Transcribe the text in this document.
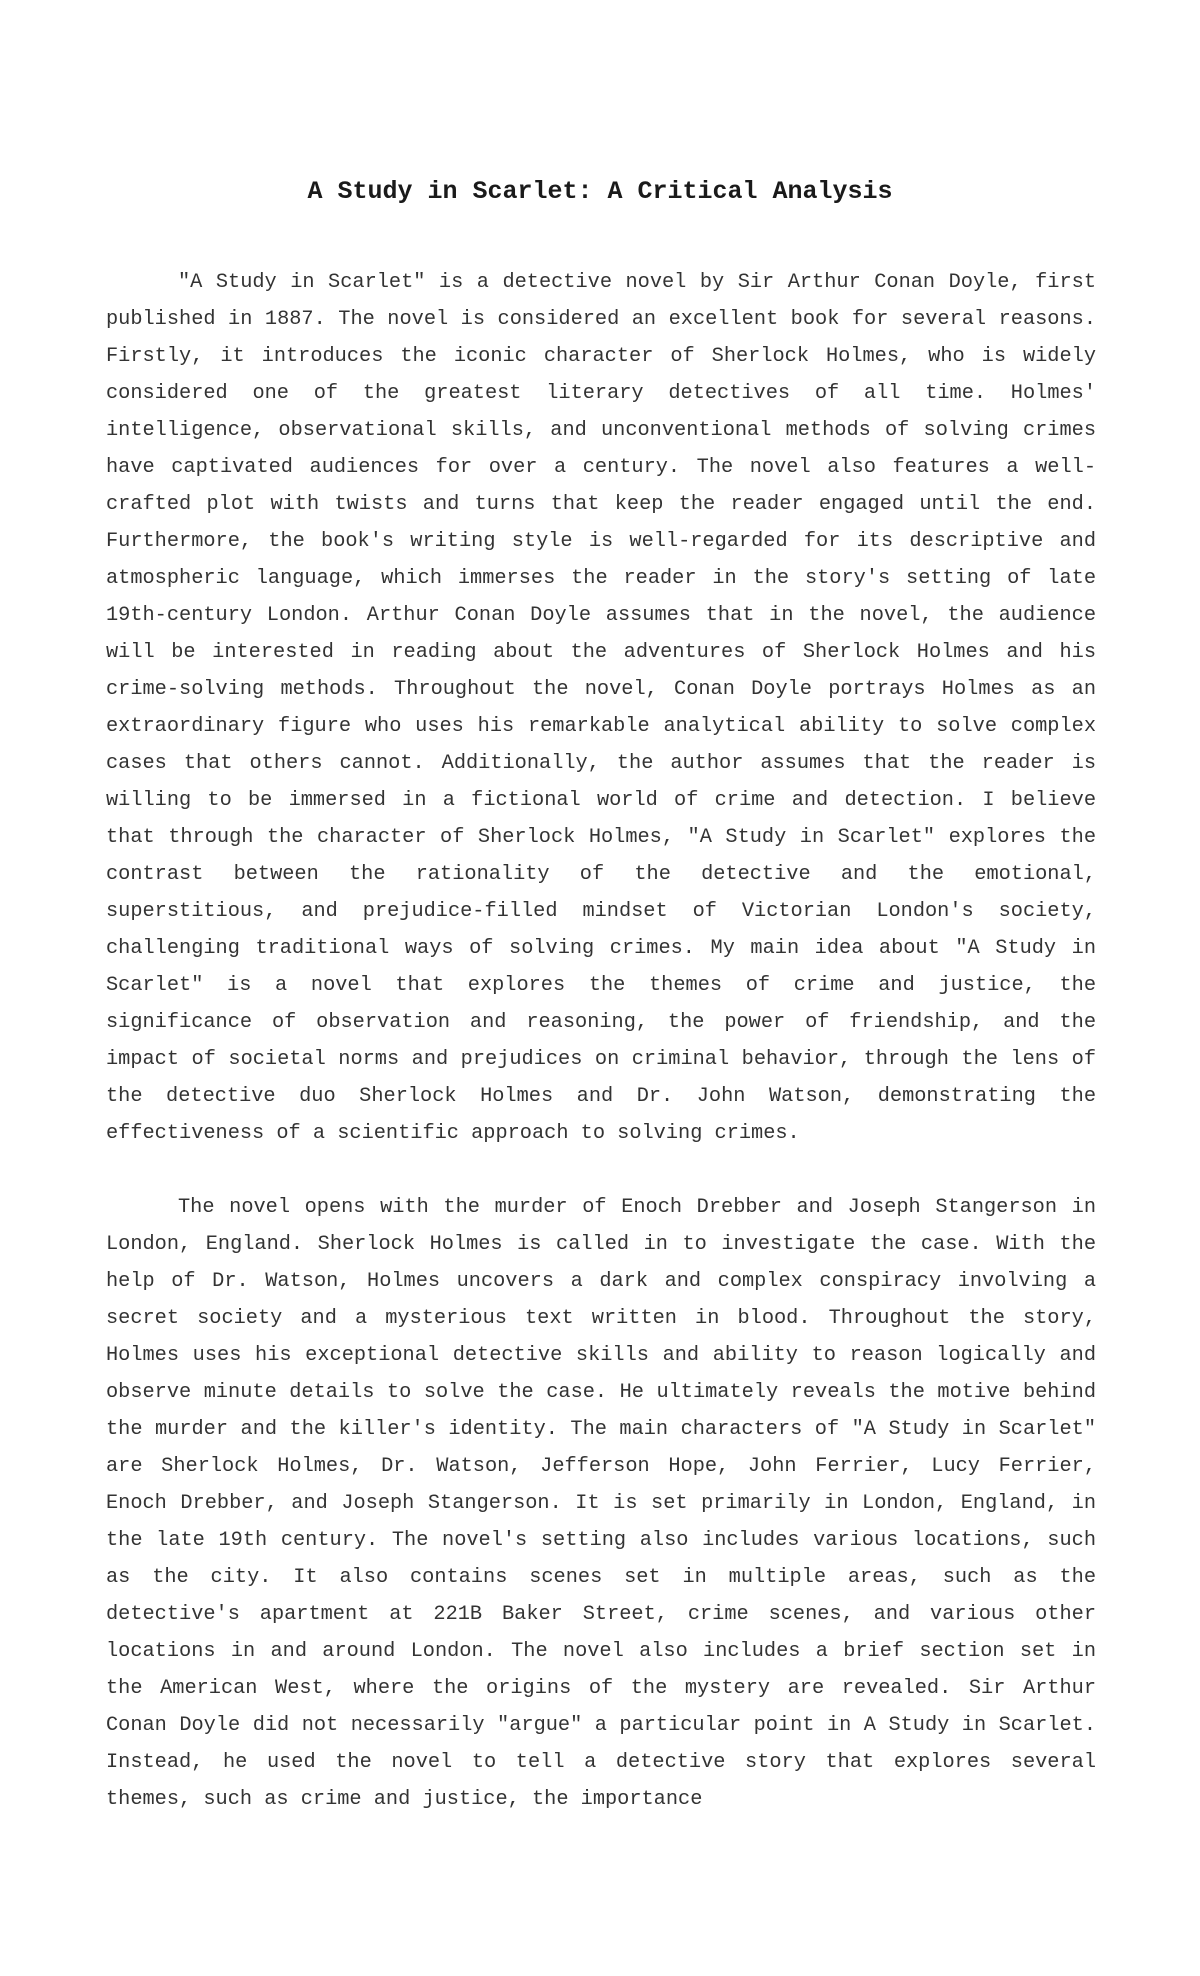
A Study in Scarlet: A Critical Analysis

"A Study in Scarlet" is a detective novel by Sir Arthur Conan Doyle, first published in 1887. The novel is considered an excellent book for several reasons. Firstly, it introduces the iconic character of Sherlock Holmes, who is widely considered one of the greatest literary detectives of all time. Holmes' intelligence, observational skills, and unconventional methods of solving crimes have captivated audiences for over a century. The novel also features a well-crafted plot with twists and turns that keep the reader engaged until the end. Furthermore, the book's writing style is well-regarded for its descriptive and atmospheric language, which immerses the reader in the story's setting of late 19th-century London. Arthur Conan Doyle assumes that in the novel, the audience will be interested in reading about the adventures of Sherlock Holmes and his crime-solving methods. Throughout the novel, Conan Doyle portrays Holmes as an extraordinary figure who uses his remarkable analytical ability to solve complex cases that others cannot. Additionally, the author assumes that the reader is willing to be immersed in a fictional world of crime and detection. I believe that through the character of Sherlock Holmes, "A Study in Scarlet" explores the contrast between the rationality of the detective and the emotional, superstitious, and prejudice-filled mindset of Victorian London's society, challenging traditional ways of solving crimes. My main idea about "A Study in Scarlet" is a novel that explores the themes of crime and justice, the significance of observation and reasoning, the power of friendship, and the impact of societal norms and prejudices on criminal behavior, through the lens of the detective duo Sherlock Holmes and Dr. John Watson, demonstrating the effectiveness of a scientific approach to solving crimes.

The novel opens with the murder of Enoch Drebber and Joseph Stangerson in London, England. Sherlock Holmes is called in to investigate the case. With the help of Dr. Watson, Holmes uncovers a dark and complex conspiracy involving a secret society and a mysterious text written in blood. Throughout the story, Holmes uses his exceptional detective skills and ability to reason logically and observe minute details to solve the case. He ultimately reveals the motive behind the murder and the killer's identity. The main characters of "A Study in Scarlet" are Sherlock Holmes, Dr. Watson, Jefferson Hope, John Ferrier, Lucy Ferrier, Enoch Drebber, and Joseph Stangerson. It is set primarily in London, England, in the late 19th century. The novel's setting also includes various locations, such as the city. It also contains scenes set in multiple areas, such as the detective's apartment at 221B Baker Street, crime scenes, and various other locations in and around London. The novel also includes a brief section set in the American West, where the origins of the mystery are revealed. Sir Arthur Conan Doyle did not necessarily "argue" a particular point in A Study in Scarlet. Instead, he used the novel to tell a detective story that explores several themes, such as crime and justice, the importance
